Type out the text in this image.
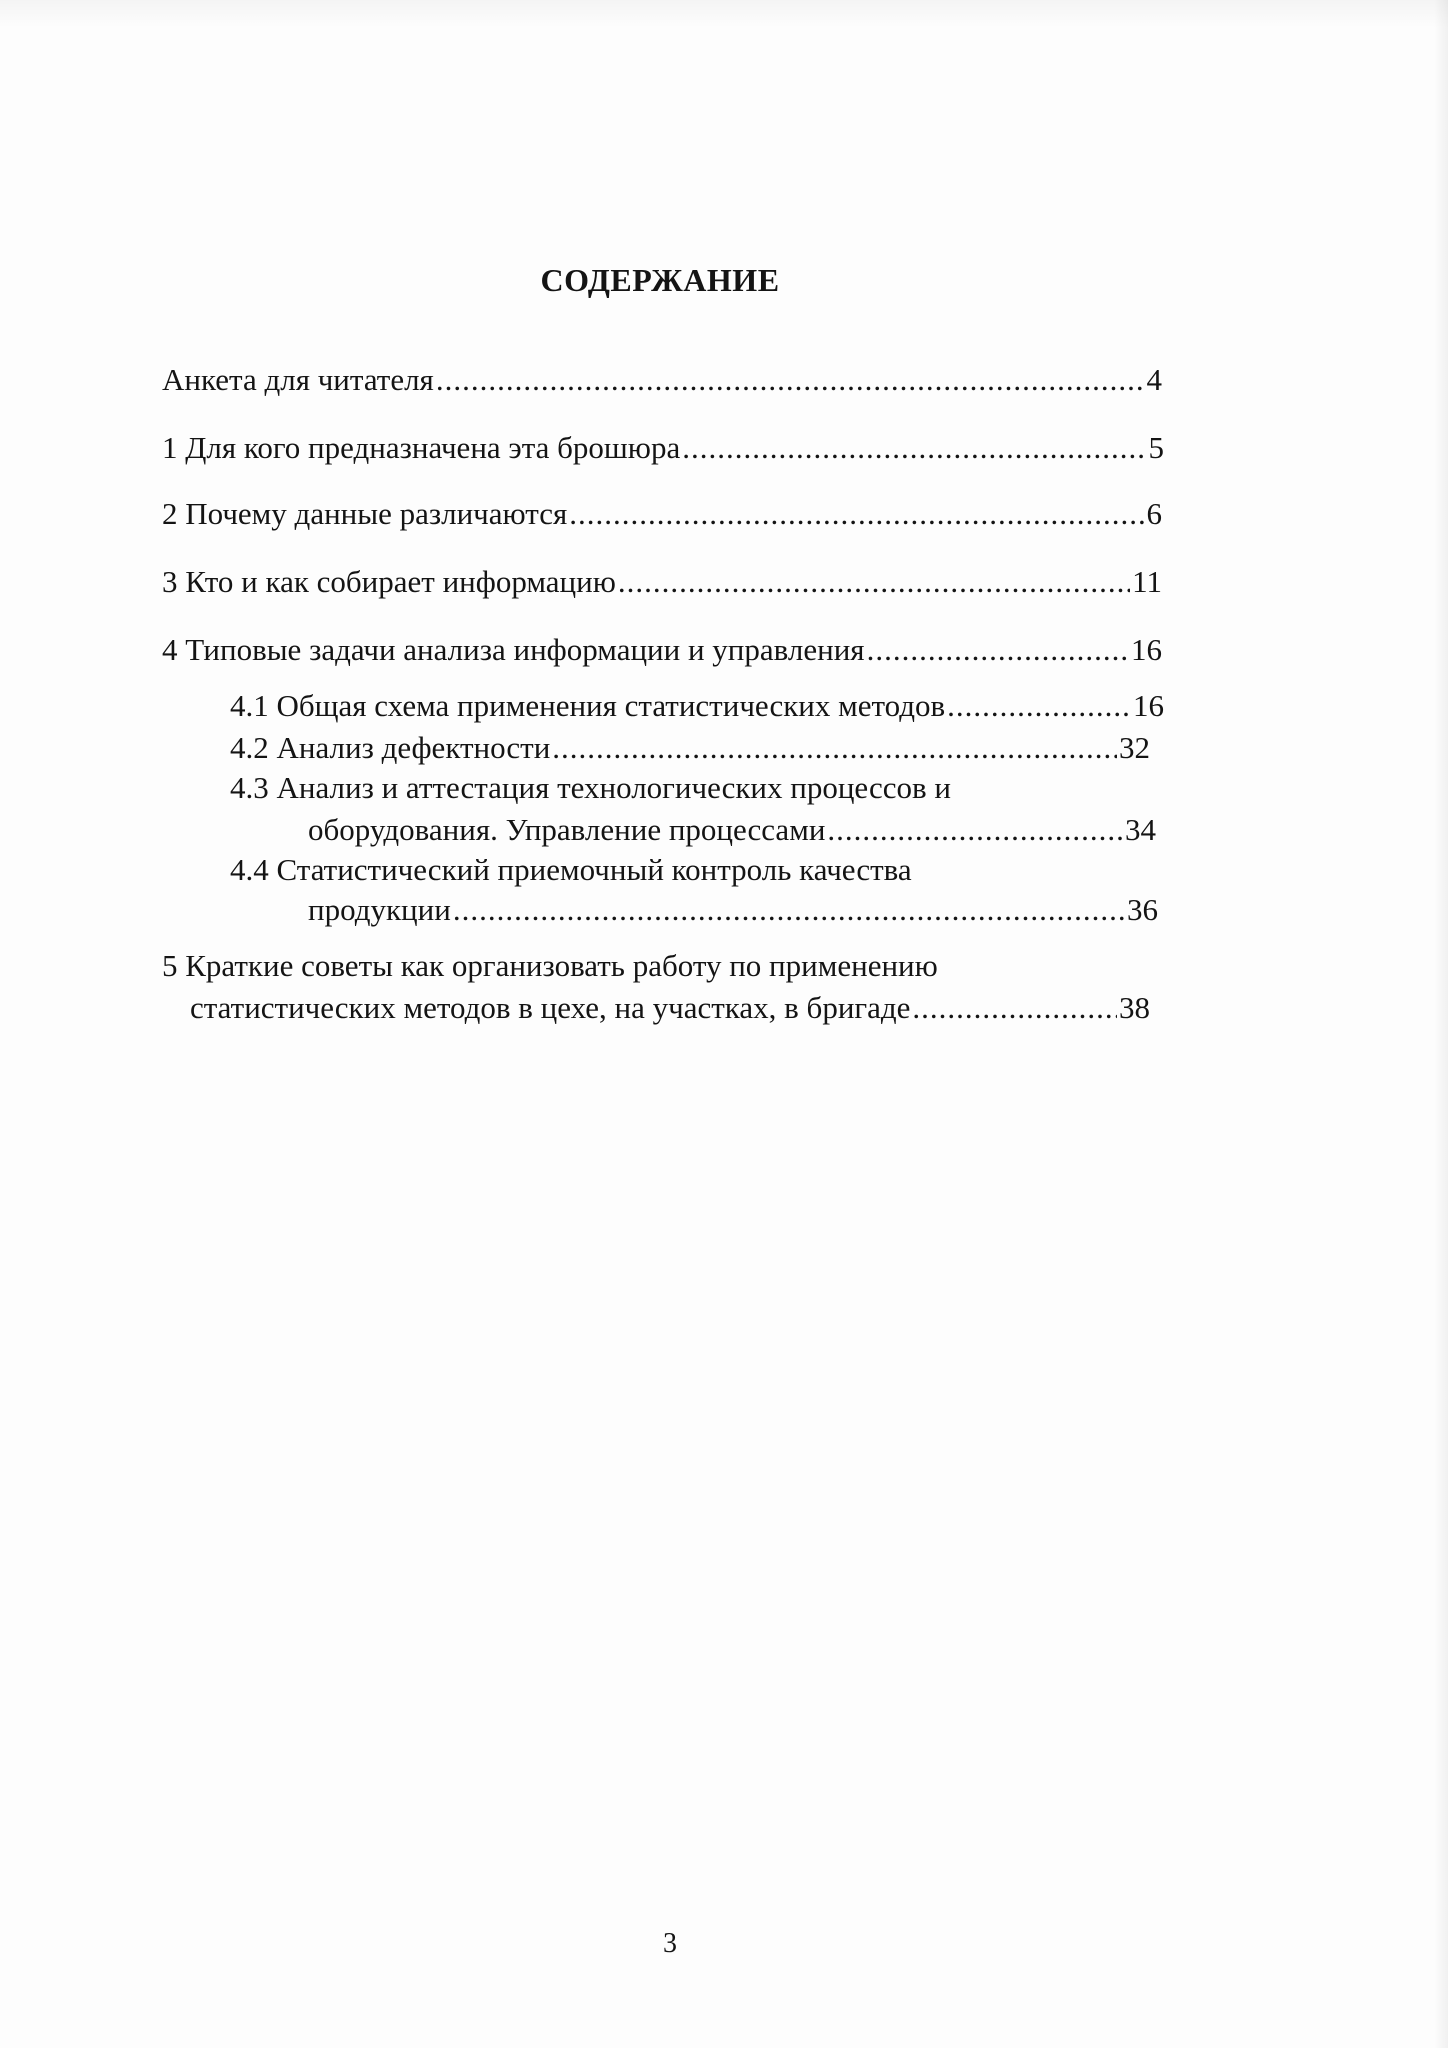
СОДЕРЖАНИЕ
Анкета для читателя .....	4
1 Для кого предназначена эта брошюра .....	5
2 Почему данные различаются .....	6
3 Кто и как собирает информацию .....	11
4 Типовые задачи анализа информации и управления .....	16
4.1 Общая схема применения статистических методов .....	16
4.2 Анализ дефектности .....	32
4.3 Анализ и аттестация технологических процессов и
оборудования. Управление процессами .....	34
4.4 Статистический приемочный контроль качества
продукции .....	36
5 Краткие советы как организовать работу по применению
статистических методов в цехе, на участках, в бригаде .....	38
3
